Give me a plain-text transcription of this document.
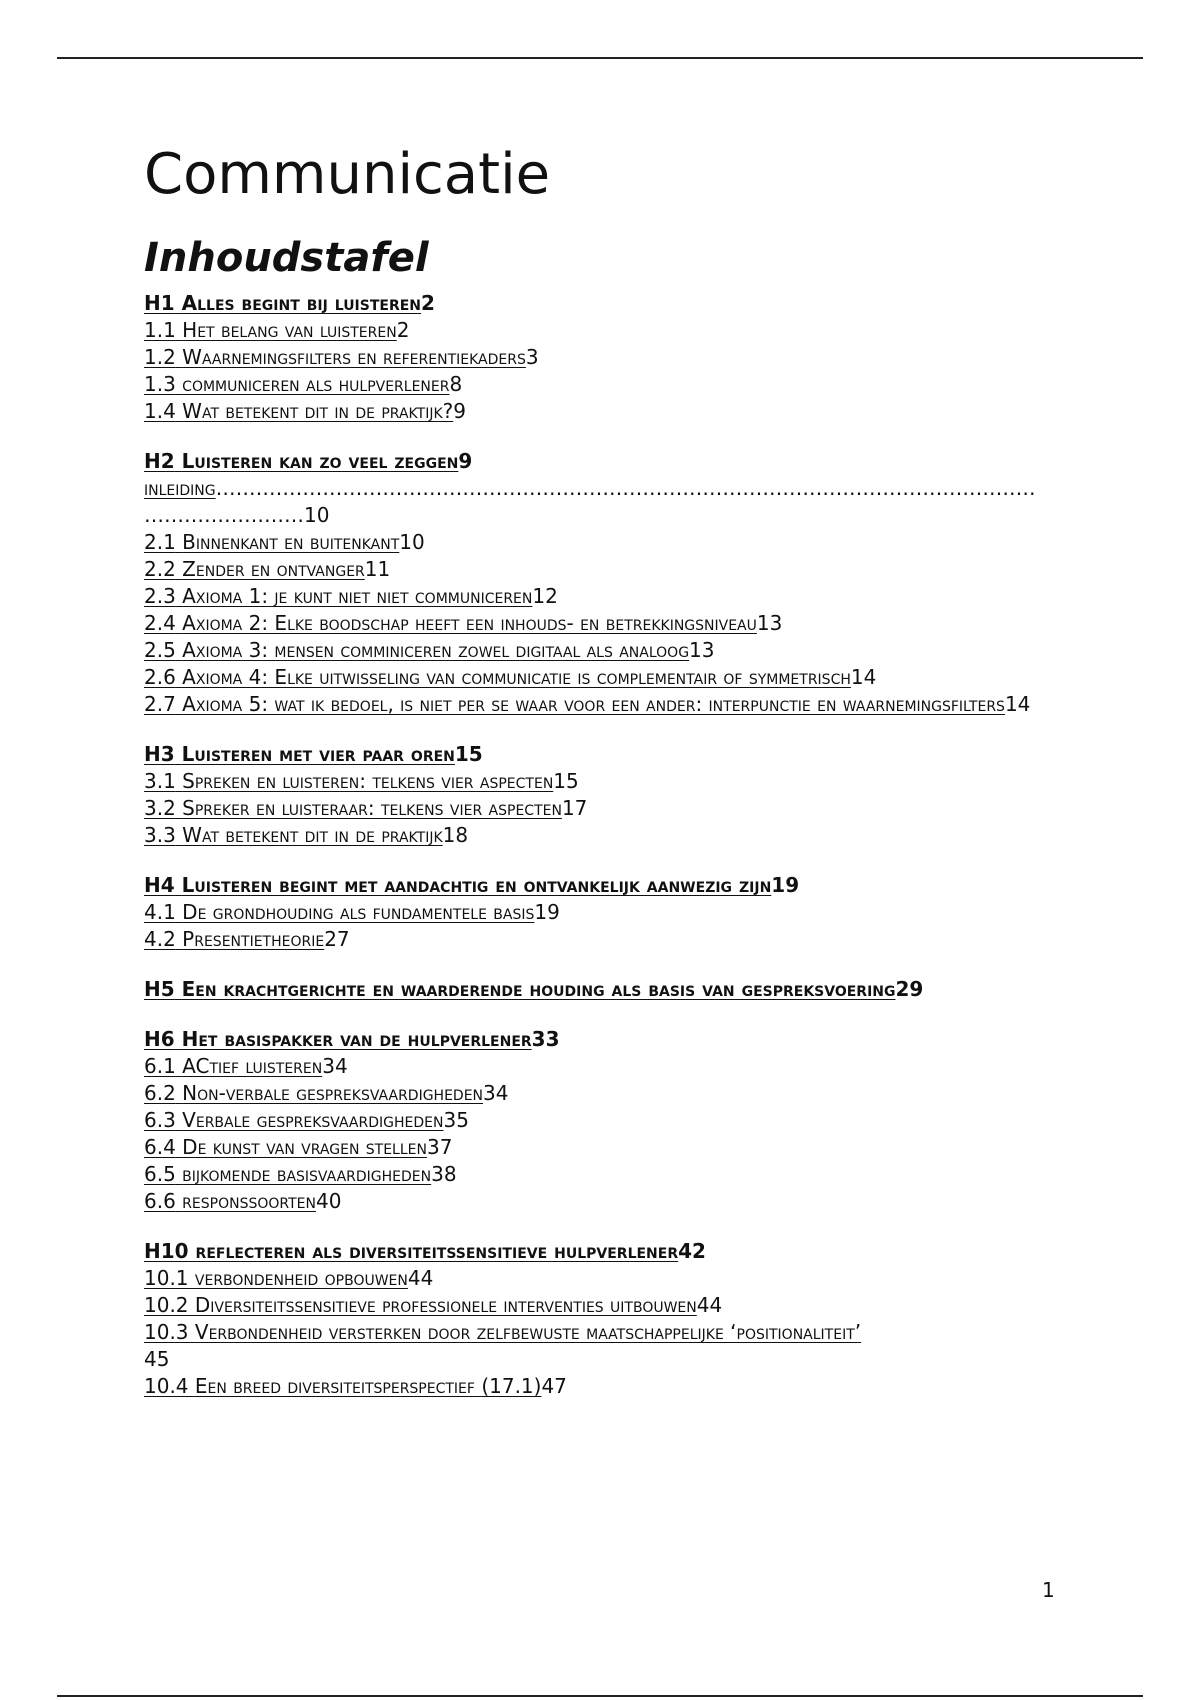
Communicatie
Inhoudstafel
H1 Alles begint bij luisteren 2
1.1 Het belang van luisteren 2
1.2 Waarnemingsfilters en referentiekaders 3
1.3 communiceren als hulpverlener 8
1.4 Wat betekent dit in de praktijk? 9
H2 Luisteren kan zo veel zeggen 9
inleiding……………………………………………………………………………………………………………
……………………10
2.1 Binnenkant en buitenkant 10
2.2 Zender en ontvanger 11
2.3 Axioma 1: je kunt niet niet communiceren 12
2.4 Axioma 2: Elke boodschap heeft een inhouds- en betrekkingsniveau 13
2.5 Axioma 3: mensen comminiceren zowel digitaal als analoog 13
2.6 Axioma 4: Elke uitwisseling van communicatie is complementair of symmetrisch 14
2.7 Axioma 5: wat ik bedoel, is niet per se waar voor een ander: interpunctie en waarnemingsfilters14
H3 Luisteren met vier paar oren 15
3.1 Spreken en luisteren: telkens vier aspecten 15
3.2 Spreker en luisteraar: telkens vier aspecten 17
3.3 Wat betekent dit in de praktijk 18
H4 Luisteren begint met aandachtig en ontvankelijk aanwezig zijn 19
4.1 De grondhouding als fundamentele basis 19
4.2 Presentietheorie 27
H5 Een krachtgerichte en waarderende houding als basis van gespreksvoering29
H6 Het basispakker van de hulpverlener 33
6.1 ACtief luisteren 34
6.2 Non-verbale gespreksvaardigheden 34
6.3 Verbale gespreksvaardigheden 35
6.4 De kunst van vragen stellen 37
6.5 bijkomende basisvaardigheden 38
6.6 responssoorten 40
H10 reflecteren als diversiteitssensitieve hulpverlener 42
10.1 verbondenheid opbouwen 44
10.2 Diversiteitssensitieve professionele interventies uitbouwen 44
10.3 Verbondenheid versterken door zelfbewuste maatschappelijke ‘positionaliteit’
45
10.4 Een breed diversiteitsperspectief (17.1) 47
1
